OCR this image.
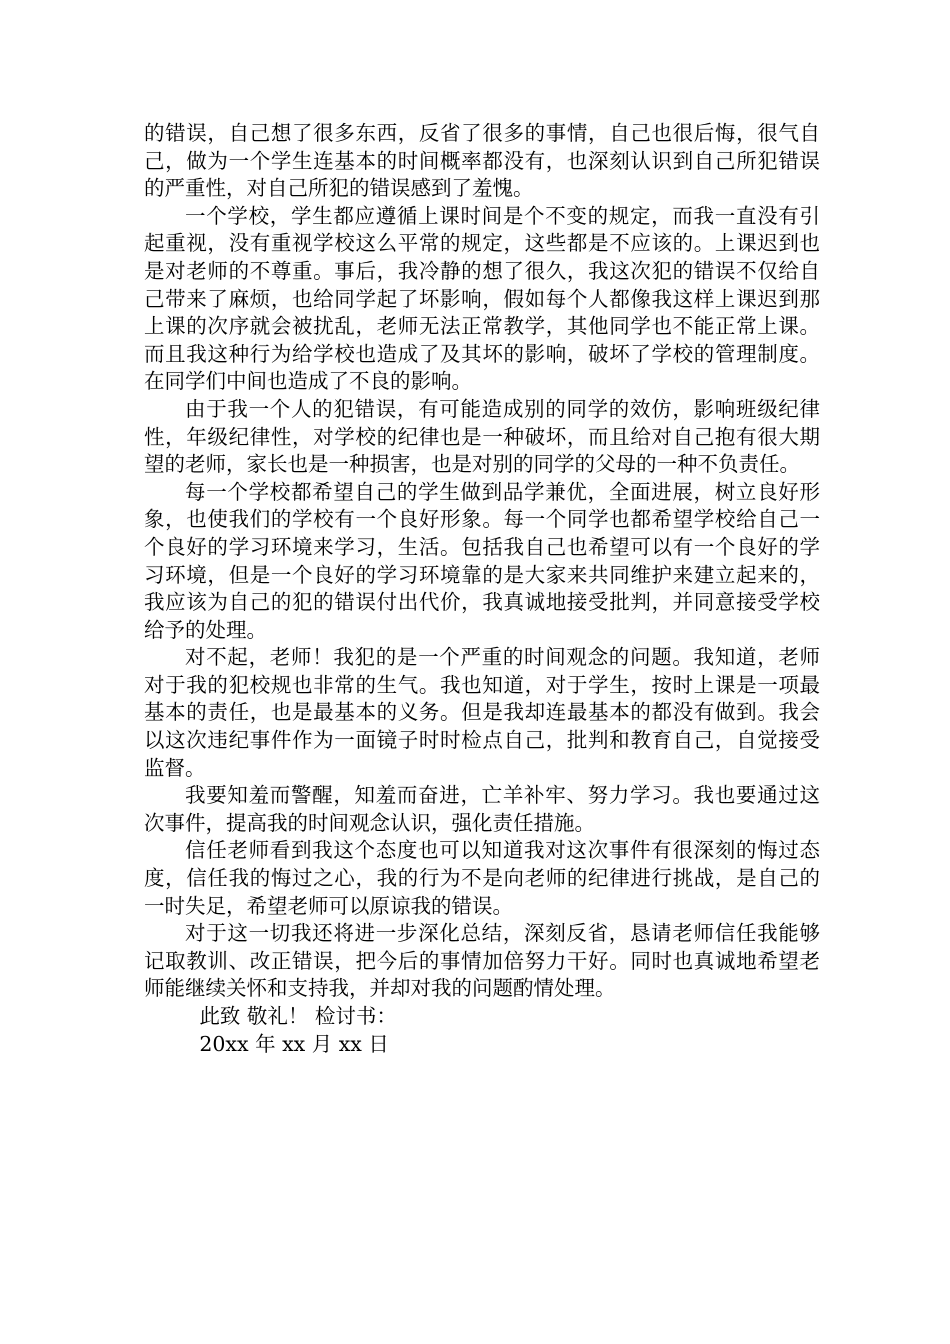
的错误，自己想了很多东西，反省了很多的事情，自己也很后悔，很气自己，做为一个学生连基本的时间概率都没有，也深刻认识到自己所犯错误的严重性，对自己所犯的错误感到了羞愧。

一个学校，学生都应遵循上课时间是个不变的规定，而我一直没有引起重视，没有重视学校这么平常的规定，这些都是不应该的。上课迟到也是对老师的不尊重。事后，我冷静的想了很久，我这次犯的错误不仅给自己带来了麻烦，也给同学起了坏影响，假如每个人都像我这样上课迟到那上课的次序就会被扰乱，老师无法正常教学，其他同学也不能正常上课。而且我这种行为给学校也造成了及其坏的影响，破坏了学校的管理制度。在同学们中间也造成了不良的影响。

由于我一个人的犯错误，有可能造成别的同学的效仿，影响班级纪律性，年级纪律性，对学校的纪律也是一种破坏，而且给对自己抱有很大期望的老师，家长也是一种损害，也是对别的同学的父母的一种不负责任。

每一个学校都希望自己的学生做到品学兼优，全面进展，树立良好形象，也使我们的学校有一个良好形象。每一个同学也都希望学校给自己一个良好的学习环境来学习，生活。包括我自己也希望可以有一个良好的学习环境，但是一个良好的学习环境靠的是大家来共同维护来建立起来的，我应该为自己的犯的错误付出代价，我真诚地接受批判，并同意接受学校给予的处理。

对不起，老师！我犯的是一个严重的时间观念的问题。我知道，老师对于我的犯校规也非常的生气。我也知道，对于学生，按时上课是一项最基本的责任，也是最基本的义务。但是我却连最基本的都没有做到。我会以这次违纪事件作为一面镜子时时检点自己，批判和教育自己，自觉接受监督。

我要知羞而警醒，知羞而奋进，亡羊补牢、努力学习。我也要通过这次事件，提高我的时间观念认识，强化责任措施。

信任老师看到我这个态度也可以知道我对这次事件有很深刻的悔过态度，信任我的悔过之心，我的行为不是向老师的纪律进行挑战，是自己的一时失足，希望老师可以原谅我的错误。

对于这一切我还将进一步深化总结，深刻反省，恳请老师信任我能够记取教训、改正错误，把今后的事情加倍努力干好。同时也真诚地希望老师能继续关怀和支持我，并却对我的问题酌情处理。

此致 敬礼！ 检讨书：

20xx 年 xx 月 xx 日
